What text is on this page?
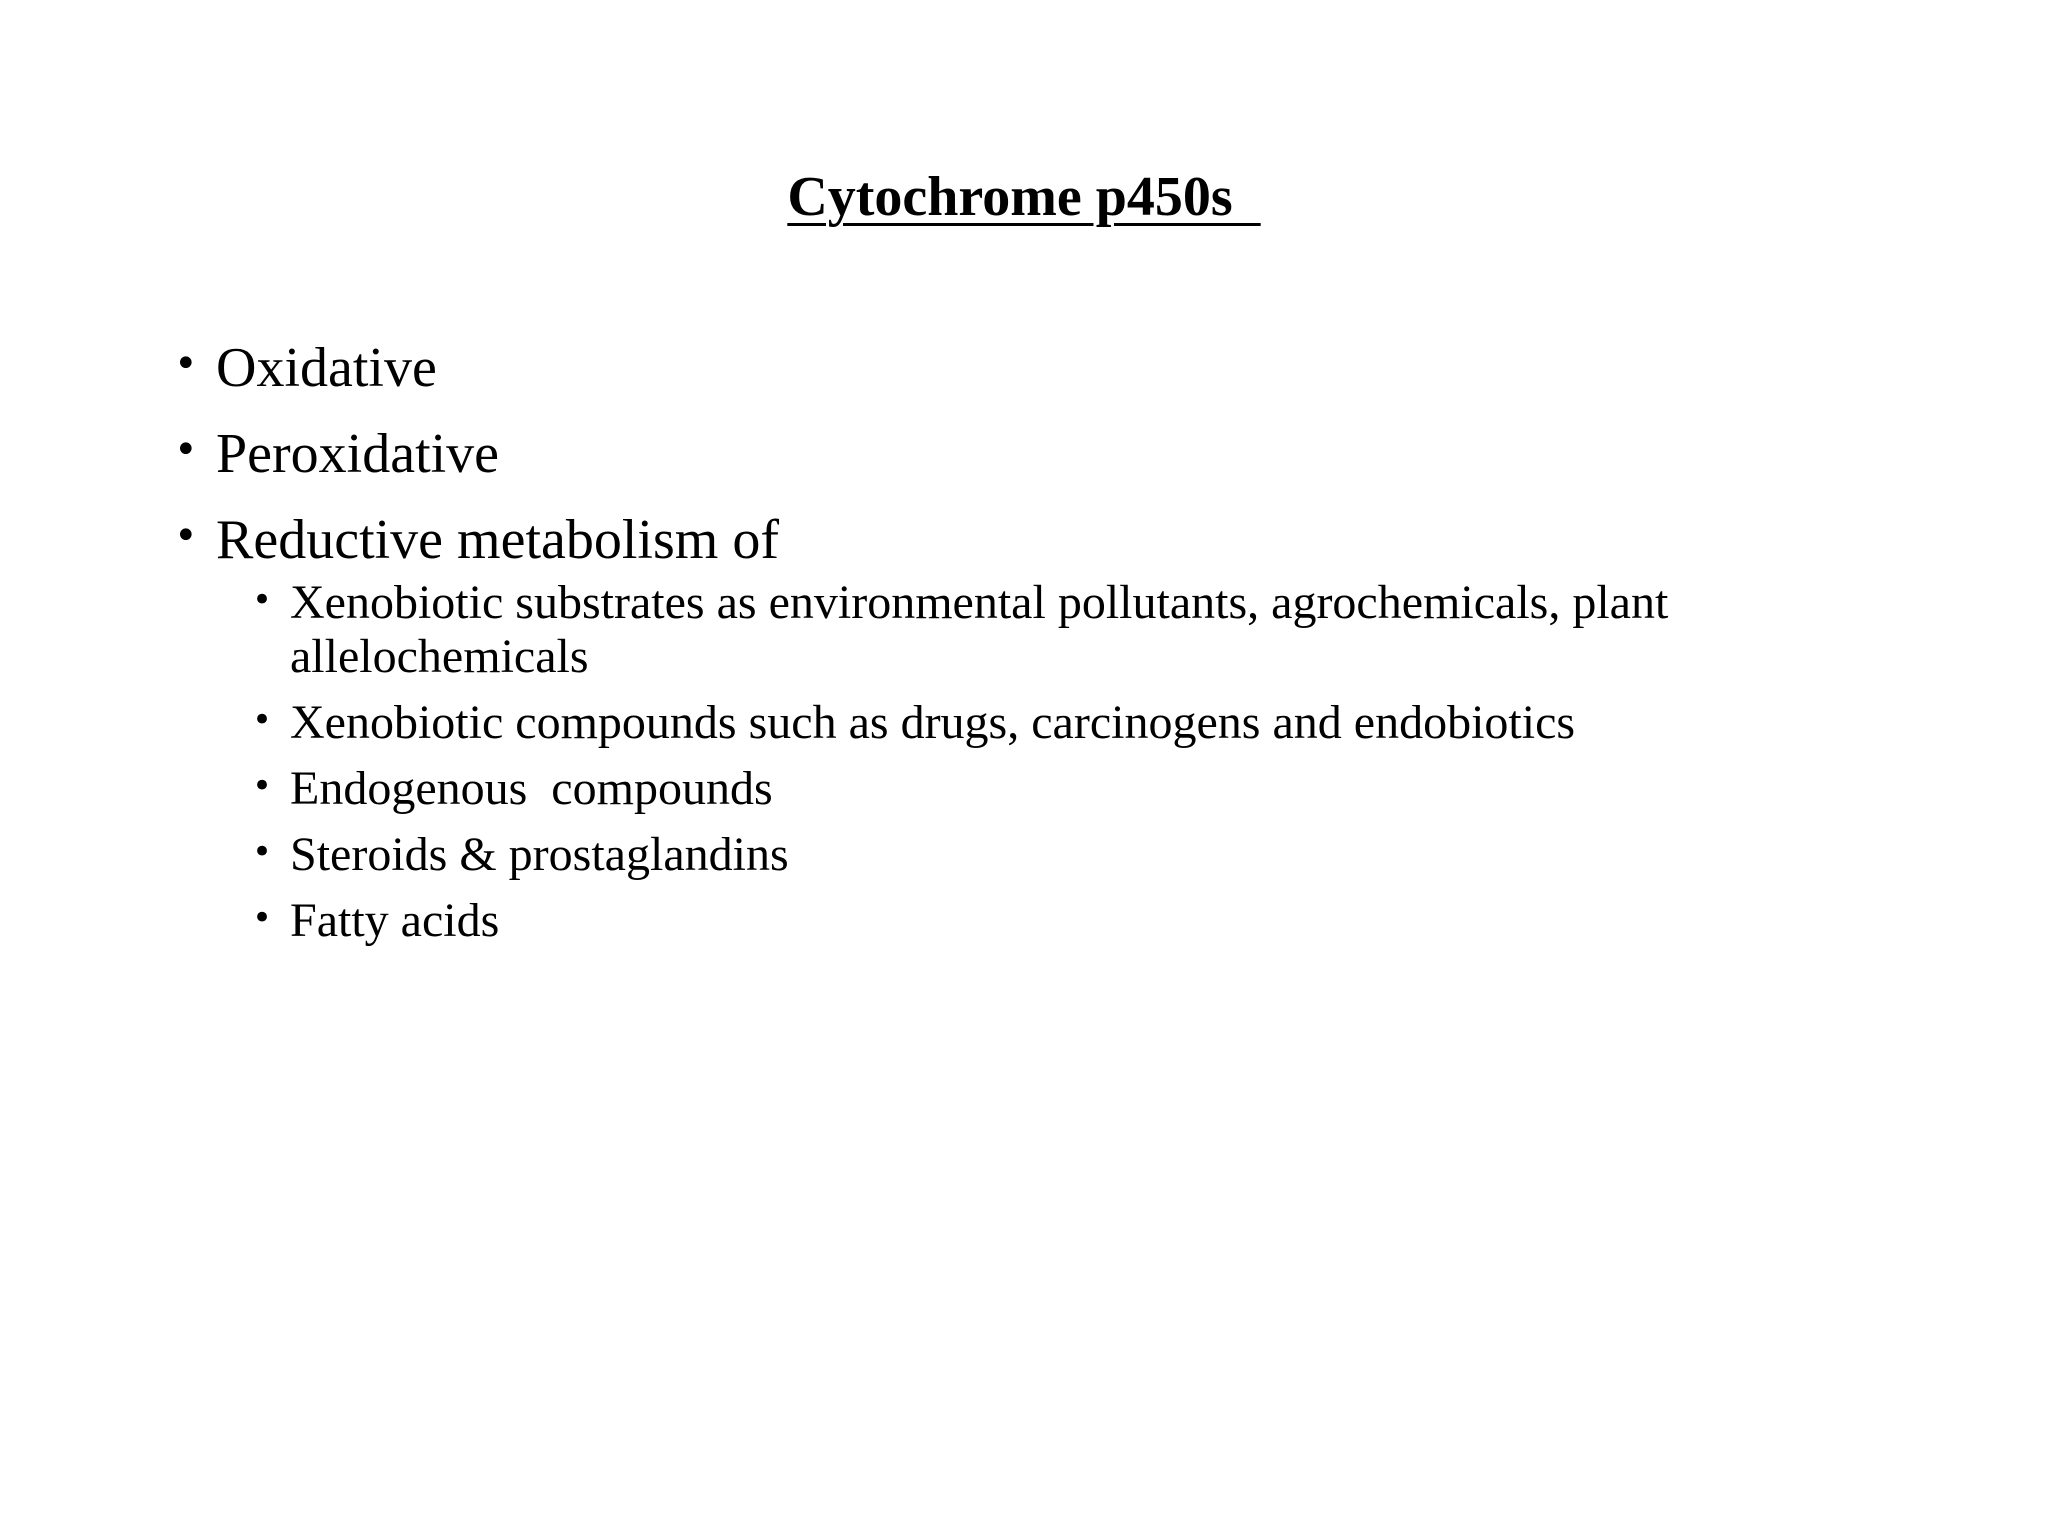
Cytochrome p450s
• Oxidative
• Peroxidative
• Reductive metabolism of
• Xenobiotic substrates as environmental pollutants, agrochemicals, plant allelochemicals
• Xenobiotic compounds such as drugs, carcinogens and endobiotics
• Endogenous  compounds
• Steroids & prostaglandins
• Fatty acids
